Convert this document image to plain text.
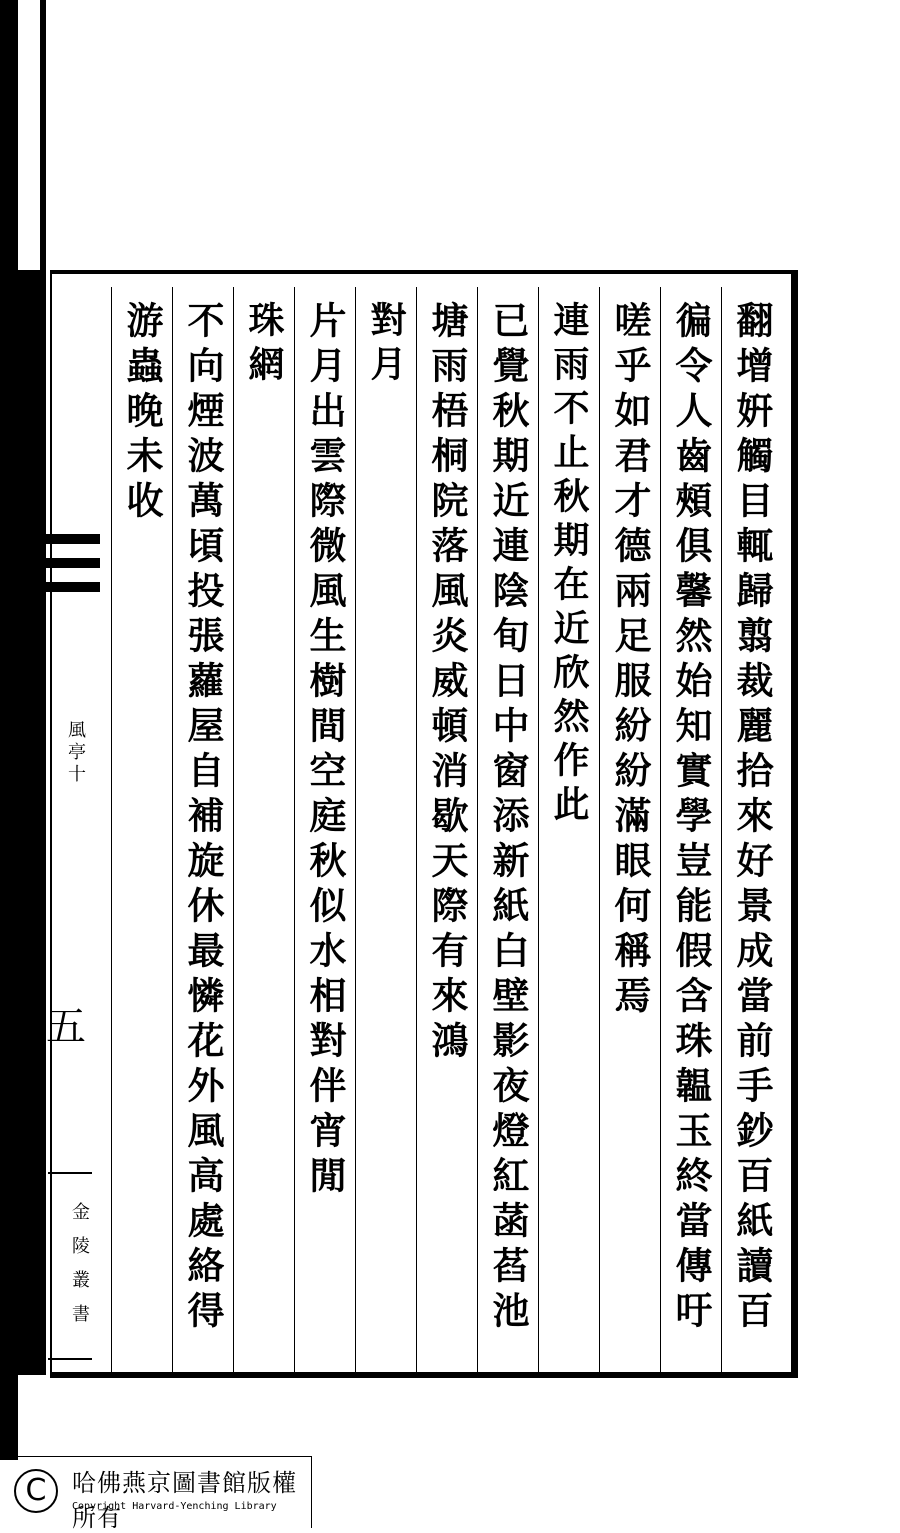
風亭十
五
金陵叢書	翻增姸觸目輒歸翦裁麗拾來好景成當前手鈔百紙讀百
徧令人齒頰俱馨然始知實學豈能假含珠韞玉終當傳吁
嗟乎如君才德兩足服紛紛滿眼何稱焉
連雨不止秋期在近欣然作此
已覺秋期近連陰旬日中窗添新紙白壁影夜燈紅菡萏池
塘雨梧桐院落風炎威頓消歇天際有來鴻
對月
片月出雲際微風生樹間空庭秋似水相對伴宵閒
珠網
不向煙波萬頃投張蘿屋自補旋休最憐花外風高處絡得
游蟲晚未收
C	哈佛燕京圖書館版權所有
Copyright Harvard-Yenching Library
